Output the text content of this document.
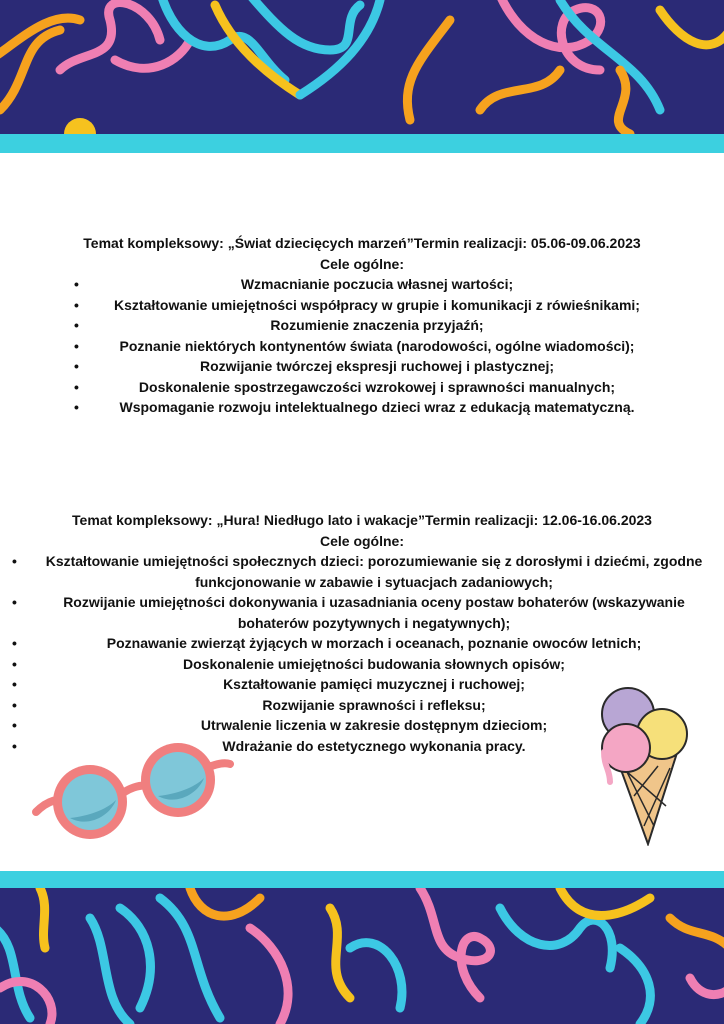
Temat kompleksowy: „Świat dziecięcych marzeń”Termin realizacji: 05.06-09.06.2023
Cele ogólne:
•	Wzmacnianie poczucia własnej wartości;
•	Kształtowanie umiejętności współpracy w grupie i komunikacji z rówieśnikami;
•	Rozumienie znaczenia przyjaźń;
•	Poznanie niektórych kontynentów świata (narodowości, ogólne wiadomości);
•	Rozwijanie twórczej ekspresji ruchowej i plastycznej;
•	Doskonalenie spostrzegawczości wzrokowej i sprawności manualnych;
•	Wspomaganie rozwoju intelektualnego dzieci wraz z edukacją matematyczną.
Temat kompleksowy: „Hura! Niedługo lato i wakacje”Termin realizacji: 12.06-16.06.2023
Cele ogólne:
• Kształtowanie umiejętności społecznych dzieci: porozumiewanie się z dorosłymi i dziećmi, zgodne funkcjonowanie w zabawie i sytuacjach zadaniowych;
•	Rozwijanie umiejętności dokonywania i uzasadniania oceny postaw bohaterów (wskazywanie bohaterów pozytywnych i negatywnych);
•	Poznawanie zwierząt żyjących w morzach i oceanach, poznanie owoców letnich;
•	Doskonalenie umiejętności budowania słownych opisów;
•	Kształtowanie pamięci muzycznej i ruchowej;
•	Rozwijanie sprawności i refleksu;
•	Utrwalenie liczenia w zakresie dostępnym dzieciom;
•	Wdrażanie do estetycznego wykonania pracy.
